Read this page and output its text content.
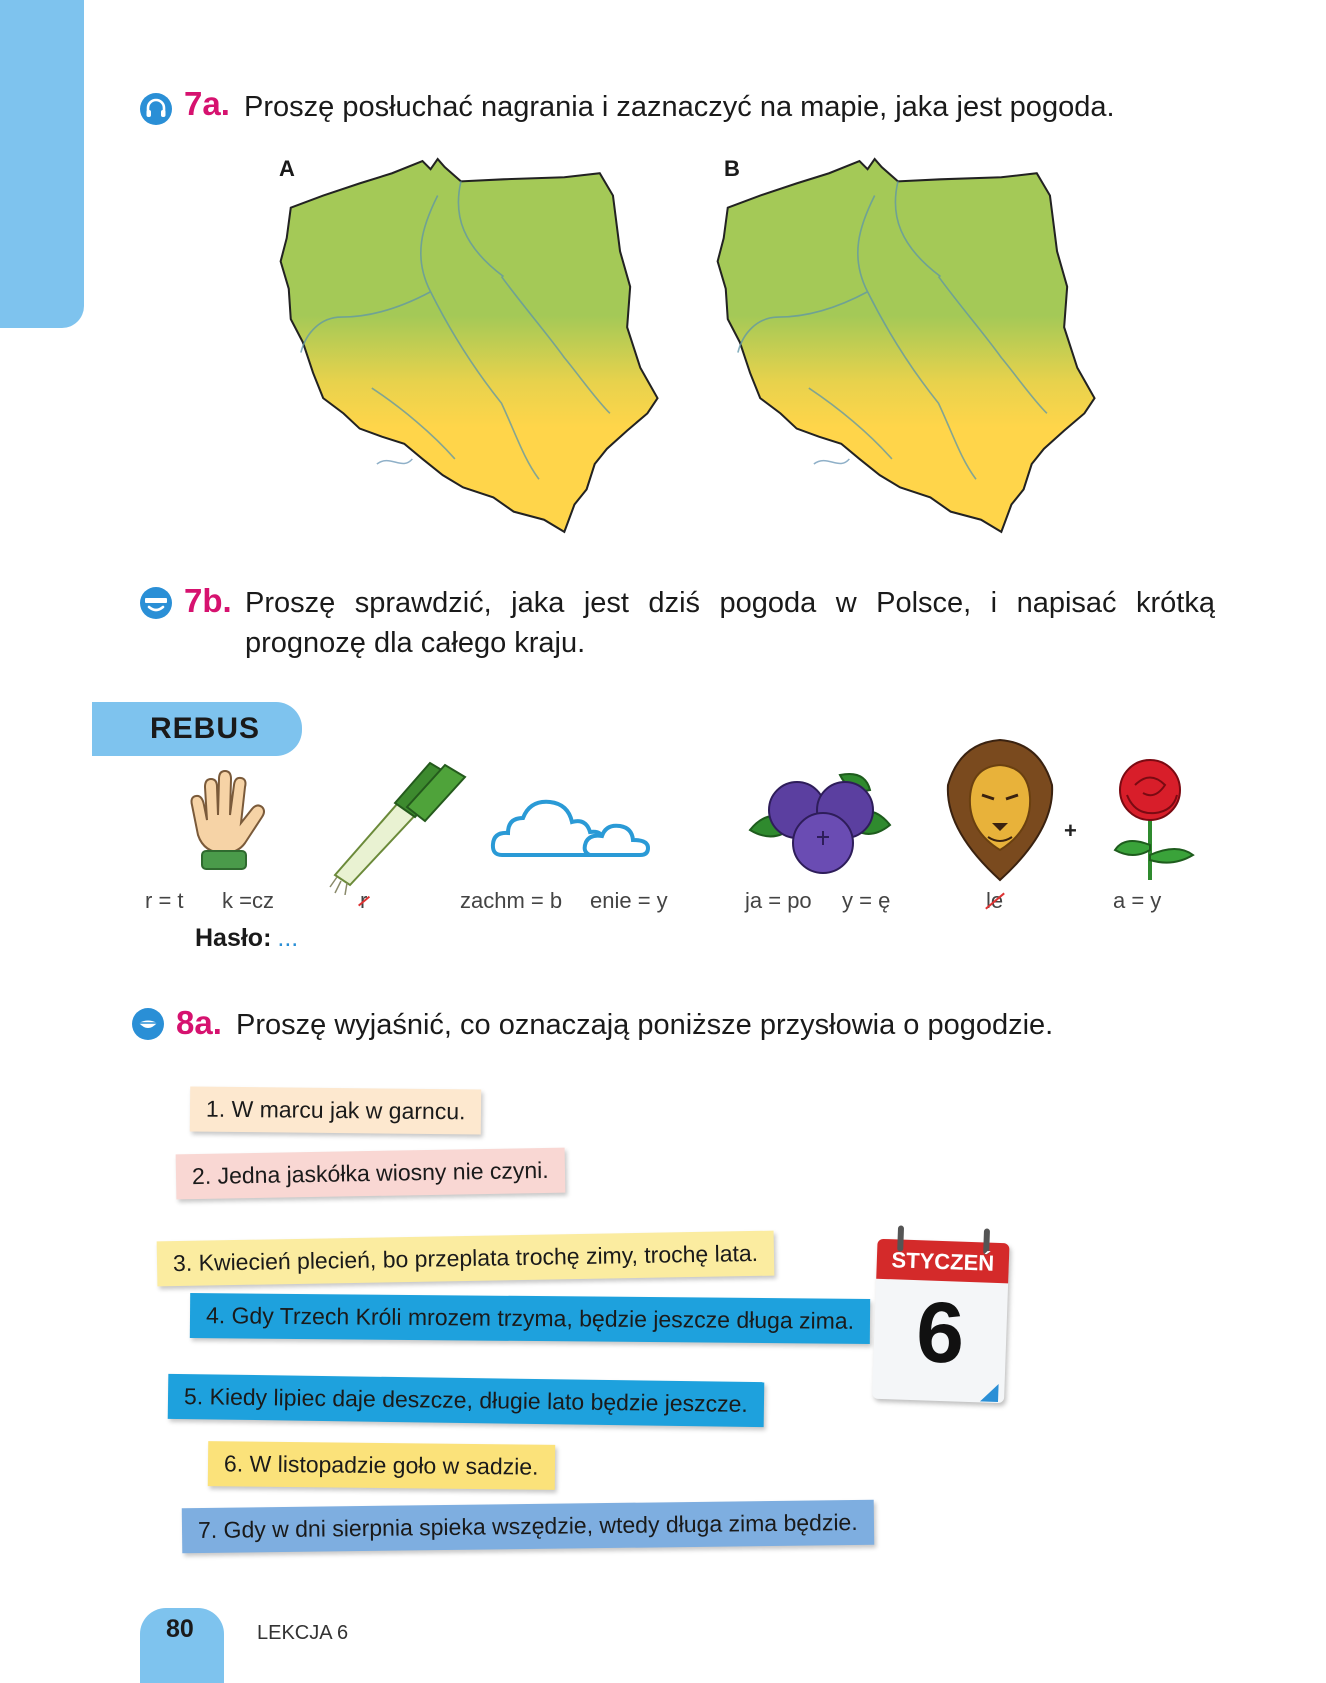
7a. Proszę posłuchać nagrania i zaznaczyć na mapie, jaka jest pogoda.
A	B
7b. Proszę sprawdzić, jaka jest dziś pogoda w Polsce, i napisać krótką
prognozę dla całego kraju.
REBUS
+
r = t k =cz	r	zachm = b enie = y	ja = po y = ę	le	a = y
Hasło: ...
8a. Proszę wyjaśnić, co oznaczają poniższe przysłowia o pogodzie.
1. W marcu jak w garncu.
2. Jedna jaskółka wiosny nie czyni.
3. Kwiecień plecień, bo przeplata trochę zimy, trochę lata.
4. Gdy Trzech Króli mrozem trzyma, będzie jeszcze długa zima.
5. Kiedy lipiec daje deszcze, długie lato będzie jeszcze.
6. W listopadzie goło w sadzie.
7. Gdy w dni sierpnia spieka wszędzie, wtedy długa zima będzie.
STYCZEŃ
6
80	LEKCJA 6
